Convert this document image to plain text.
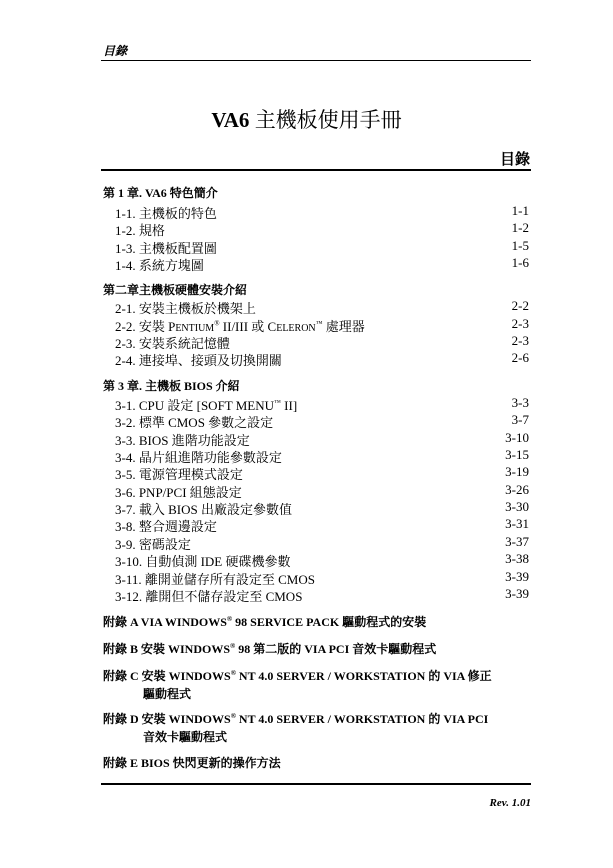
目錄
VA6 主機板使用手冊
目錄
第 1 章. VA6 特色簡介
1-1. 主機板的特色	1-1
1-2. 規格	1-2
1-3. 主機板配置圖	1-5
1-4. 系統方塊圖	1-6
第二章主機板硬體安裝介紹
2-1. 安裝主機板於機架上	2-2
2-2. 安裝 PENTIUM® II/III 或 CELERON™ 處理器	2-3
2-3. 安裝系統記憶體	2-3
2-4. 連接埠、接頭及切換開關	2-6
第 3 章. 主機板 BIOS 介紹
3-1. CPU 設定 [SOFT MENU™ II]	3-3
3-2. 標準 CMOS 參數之設定	3-7
3-3. BIOS 進階功能設定	3-10
3-4. 晶片組進階功能參數設定	3-15
3-5. 電源管理模式設定	3-19
3-6. PNP/PCI 組態設定	3-26
3-7. 載入 BIOS 出廠設定參數值	3-30
3-8. 整合週邊設定	3-31
3-9. 密碼設定	3-37
3-10. 自動偵測 IDE 硬碟機參數	3-38
3-11. 離開並儲存所有設定至 CMOS	3-39
3-12. 離開但不儲存設定至 CMOS	3-39
附錄 A VIA WINDOWS® 98 SERVICE PACK 驅動程式的安裝
附錄 B 安裝 WINDOWS® 98 第二版的 VIA PCI 音效卡驅動程式
附錄 C 安裝 WINDOWS® NT 4.0 SERVER / WORKSTATION 的 VIA 修正
驅動程式
附錄 D 安裝 WINDOWS® NT 4.0 SERVER / WORKSTATION 的 VIA PCI
音效卡驅動程式
附錄 E BIOS 快閃更新的操作方法
Rev. 1.01
